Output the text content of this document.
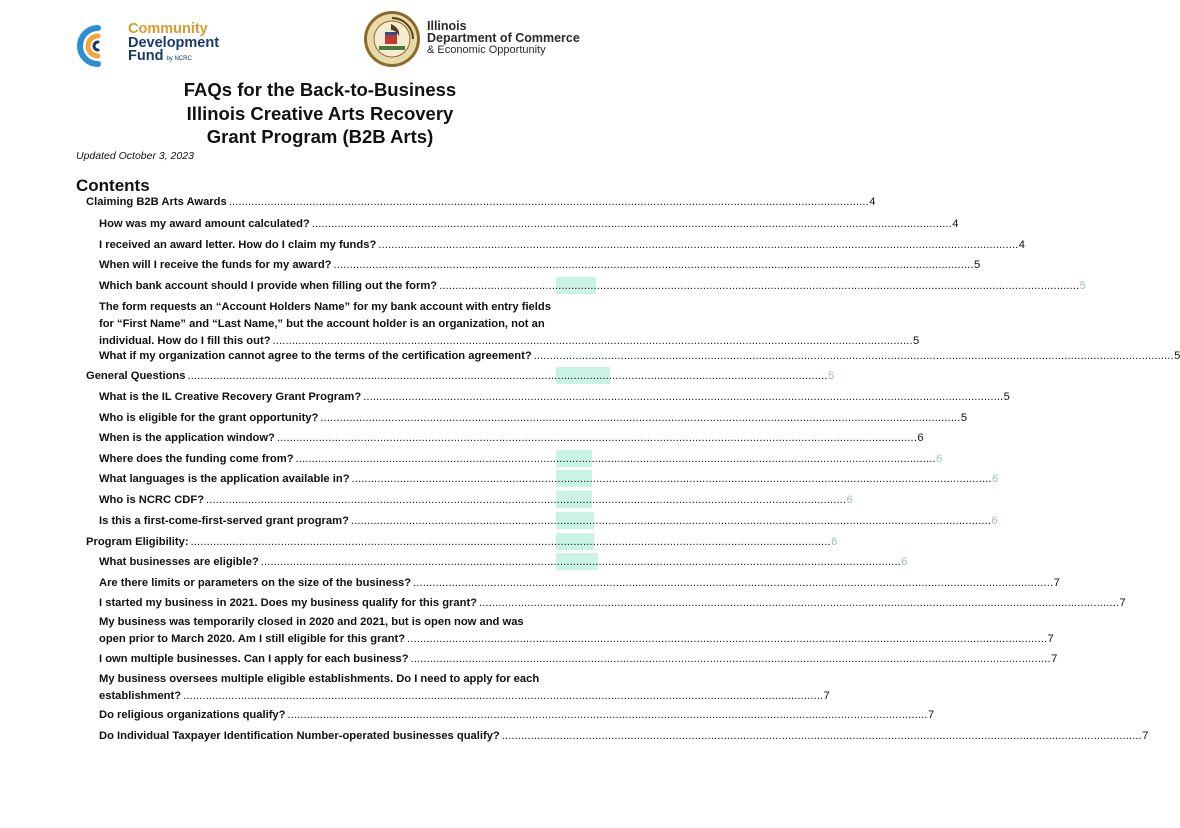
Community
Development
Fund by NCRC
Illinois
Department of Commerce
& Economic Opportunity
FAQs for the Back-to-Business
Illinois Creative Arts Recovery
Grant Program (B2B Arts)
Updated October 3, 2023
Contents
Claiming B2B Arts Awards . . .	4
How was my award amount calculated? . . .	4
I received an award letter. How do I claim my funds? . . .	4
When will I receive the funds for my award? . . .	5
Which bank account should I provide when filling out the form? . . .	5
The form requests an “Account Holders Name” for my bank account with entry fields
for “First Name” and “Last Name,” but the account holder is an organization, not an
individual. How do I fill this out? . . .	5
What if my organization cannot agree to the terms of the certification agreement? . . .	5
General Questions . . .	5
What is the IL Creative Recovery Grant Program? . . .	5
Who is eligible for the grant opportunity? . . .	5
When is the application window? . . .	6
Where does the funding come from? . . .	6
What languages is the application available in? . . .	6
Who is NCRC CDF? . . .	6
Is this a first-come-first-served grant program? . . .	6
Program Eligibility: . . .	6
What businesses are eligible? . . .	6
Are there limits or parameters on the size of the business? . . .	7
I started my business in 2021. Does my business qualify for this grant? . . .	7
My business was temporarily closed in 2020 and 2021, but is open now and was
open prior to March 2020. Am I still eligible for this grant? . . .	7
I own multiple businesses. Can I apply for each business? . . .	7
My business oversees multiple eligible establishments. Do I need to apply for each
establishment? . . .	7
Do religious organizations qualify? . . .	7
Do Individual Taxpayer Identification Number-operated businesses qualify? . . .	7
